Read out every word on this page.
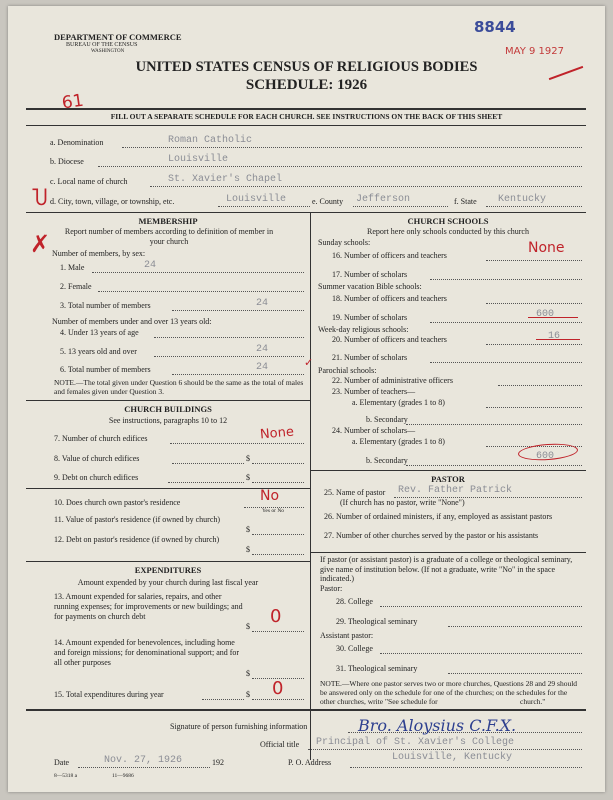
DEPARTMENT OF COMMERCE
BUREAU OF THE CENSUS
WASHINGTON
8844
MAY 9 1927
UNITED STATES CENSUS OF RELIGIOUS BODIES
SCHEDULE: 1926
61
FILL OUT A SEPARATE SCHEDULE FOR EACH CHURCH. SEE INSTRUCTIONS ON THE BACK OF THIS SHEET
a. Denomination	Roman Catholic
b. Diocese	Louisville
c. Local name of church	St. Xavier's Chapel
Ⴎ d. City, town, village, or township, etc.	Louisville	e. County Jefferson	f. State Kentucky
✗
MEMBERSHIP
Report number of members according to definition of member in your church
Number of members, by sex:
1. Male	24
2. Female
3. Total number of members	24
Number of members under and over 13 years old:
4. Under 13 years of age
5. 13 years old and over	24
6. Total number of members	24	✓
NOTE.—The total given under Question 6 should be the same as the total of males and females given under Question 3.
CHURCH BUILDINGS
See instructions, paragraphs 10 to 12
7. Number of church edifices	None
8. Value of church edifices	$
9. Debt on church edifices	$
10. Does church own pastor's residence	No
Yes or No
11. Value of pastor's residence (if owned by church)
$
12. Debt on pastor's residence (if owned by church)
$
EXPENDITURES
Amount expended by your church during last fiscal year
13. Amount expended for salaries, repairs, and other running expenses; for improvements or new buildings; and for payments on church debt
$ 0
14. Amount expended for benevolences, including home and foreign missions; for denominational support; and for all other purposes
$
15. Total expenditures during year	$ 0
CHURCH SCHOOLS
Report here only schools conducted by this church
Sunday schools:
16. Number of officers and teachers	None
17. Number of scholars
Summer vacation Bible schools:
18. Number of officers and teachers
19. Number of scholars	600
Week-day religious schools:
20. Number of officers and teachers	16
21. Number of scholars
Parochial schools:
22. Number of administrative officers
23. Number of teachers—
a. Elementary (grades 1 to 8)
b. Secondary
24. Number of scholars—
a. Elementary (grades 1 to 8)
b. Secondary	600
PASTOR
25. Name of pastor Rev. Father Patrick
(If church has no pastor, write "None")
26. Number of ordained ministers, if any, employed as assistant pastors
27. Number of other churches served by the pastor or his assistants
If pastor (or assistant pastor) is a graduate of a college or theological seminary, give name of institution below. (If not a graduate, write "No" in the space indicated.)
Pastor:
28. College
29. Theological seminary
Assistant pastor:
30. College
31. Theological seminary
NOTE.—Where one pastor serves two or more churches, Questions 28 and 29 should be answered only on the schedule for one of the churches; on the schedules for the other churches, write "See schedule for	church."
Signature of person furnishing information	Bro. Aloysius C.F.X.
Official title Principal of St. Xavier's College
Date	Nov. 27, 1926	192	P. O. Address	Louisville, Kentucky
8—5318 a	11—9686
